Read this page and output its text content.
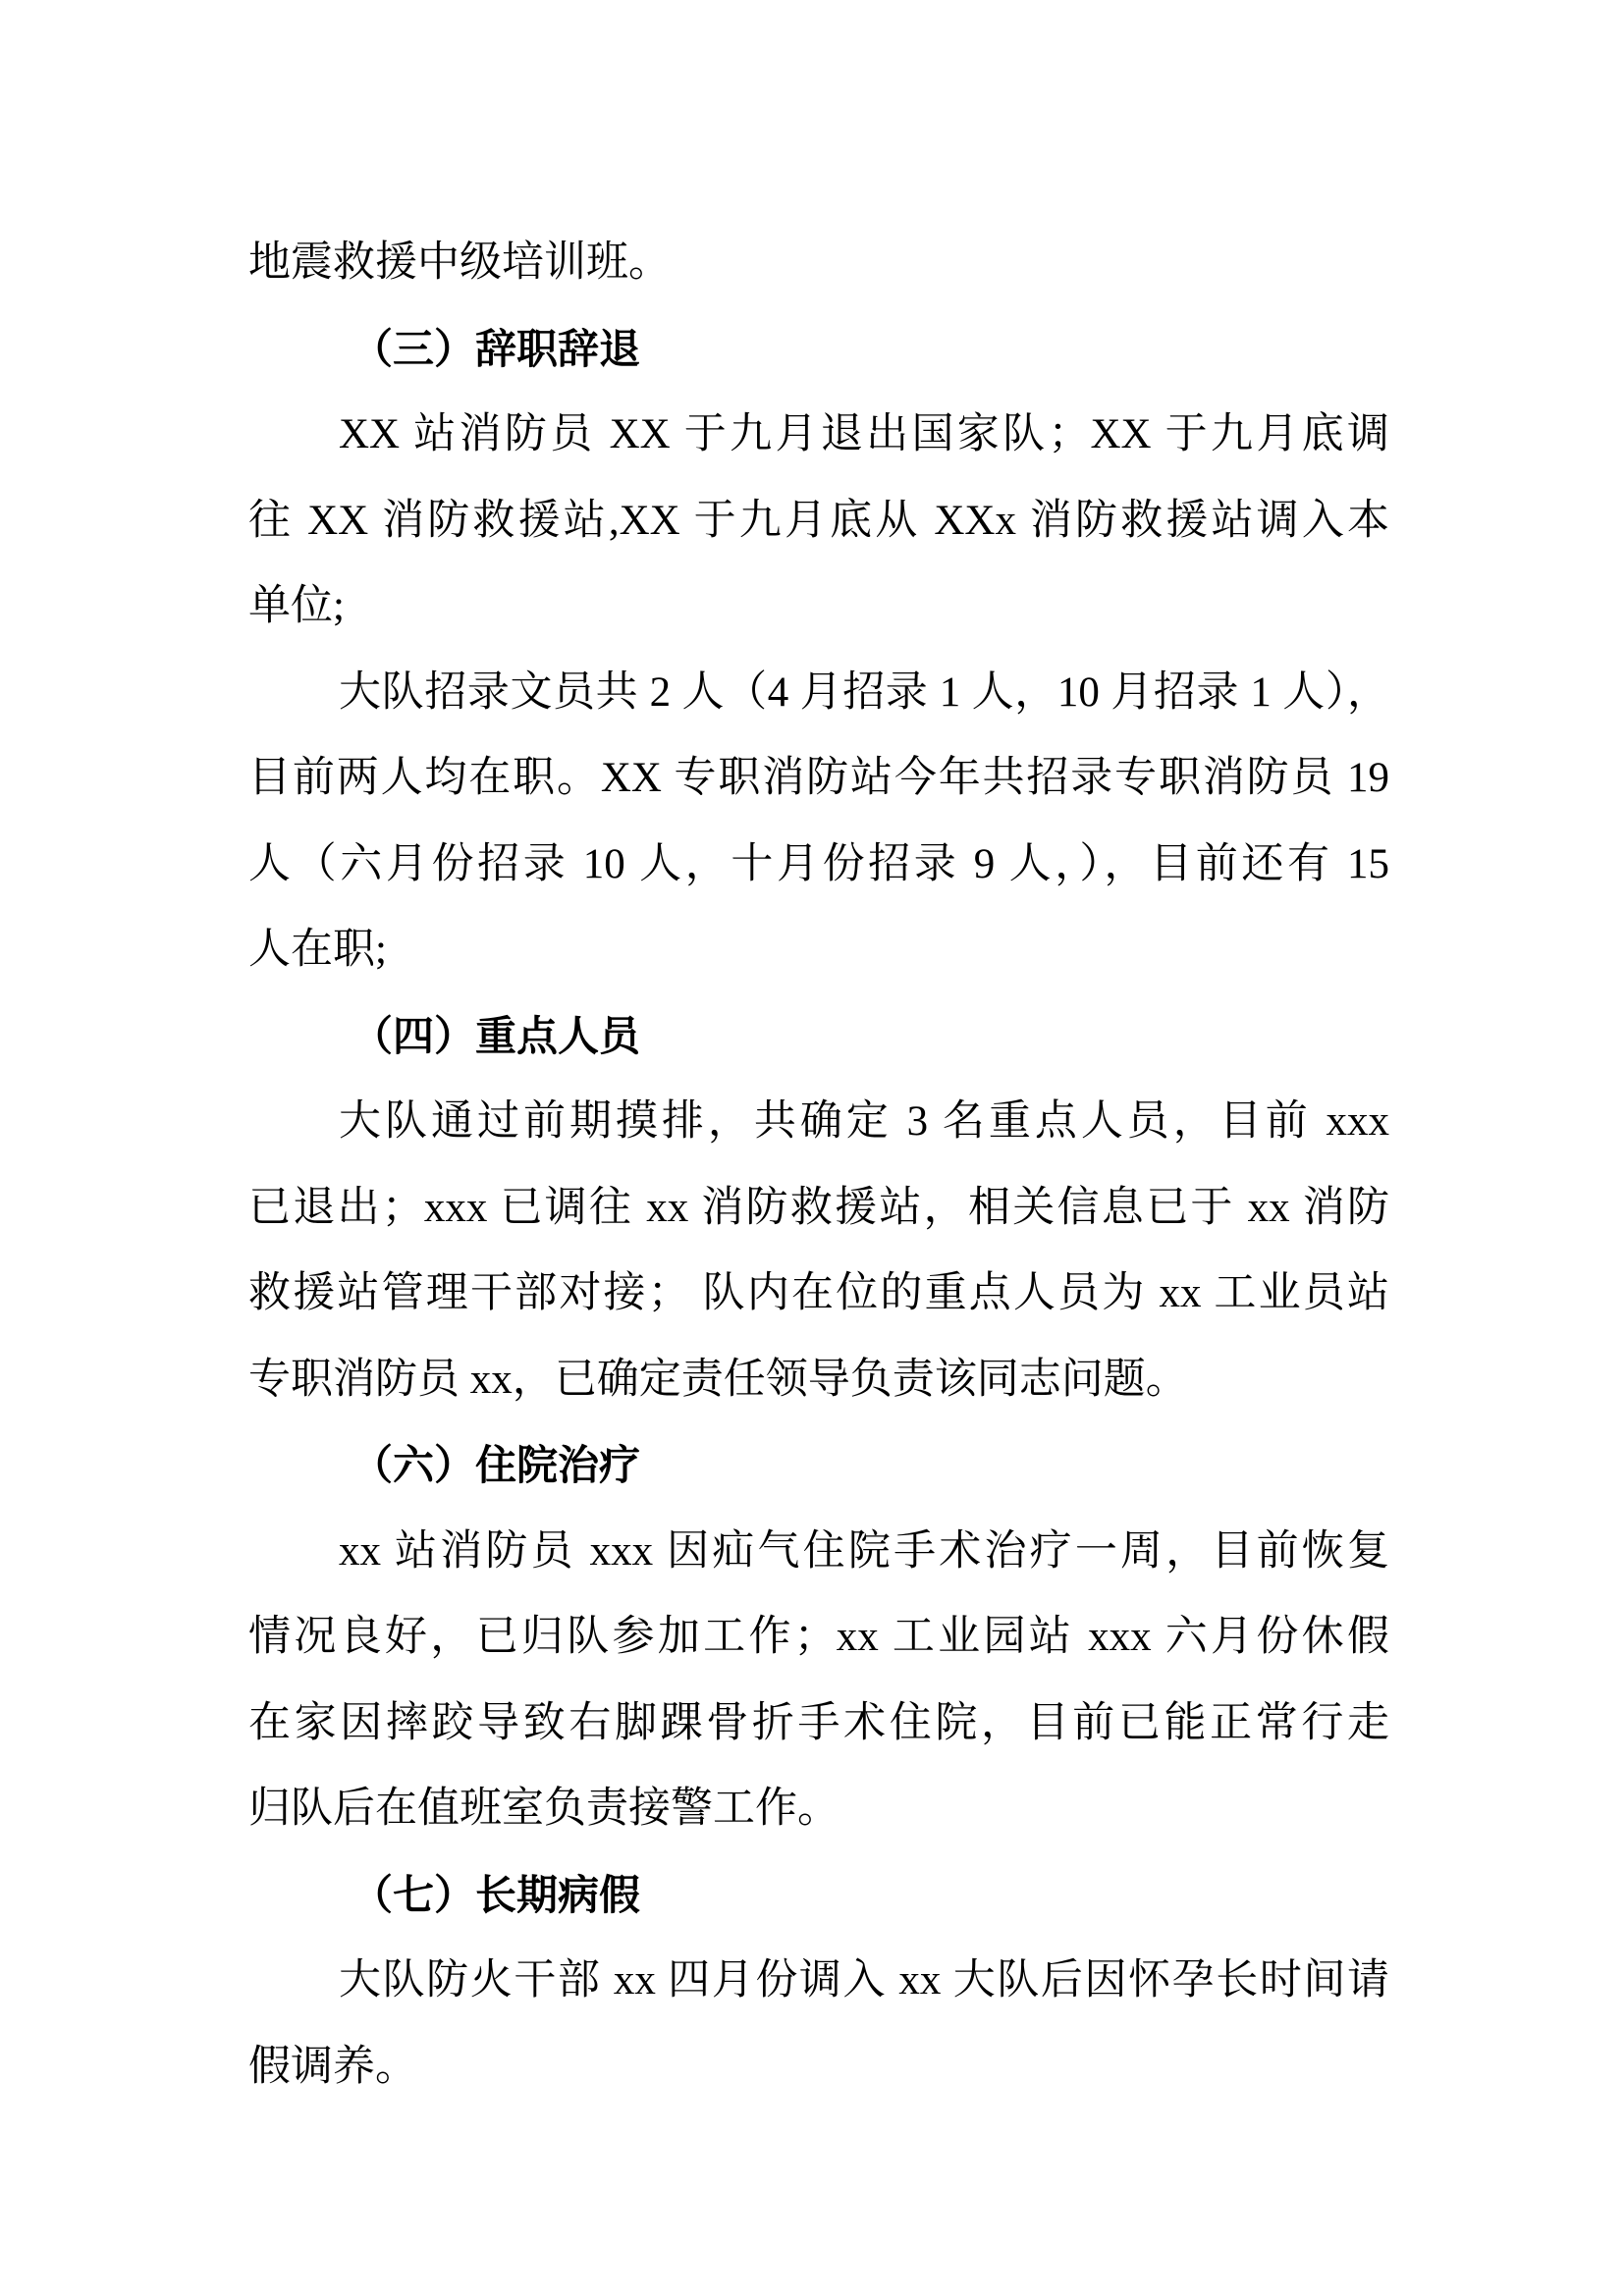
地震救援中级培训班。
（三）辞职辞退
XX 站消防员 XX 于九月退出国家队；XX 于九月底调
往 XX 消防救援站,XX 于九月底从 XXx 消防救援站调入本
单位;
大队招录文员共 2 人（4 月招录 1 人，10 月招录 1 人），
目前两人均在职。XX 专职消防站今年共招录专职消防员 19
人（六月份招录 10 人，十月份招录 9 人，），目前还有 15
人在职;
（四）重点人员
大队通过前期摸排，共确定 3 名重点人员，目前 xxx
已退出；xxx 已调往 xx 消防救援站，相关信息已于 xx 消防
救援站管理干部对接； 队内在位的重点人员为 xx 工业员站
专职消防员 xx，已确定责任领导负责该同志问题。
（六）住院治疗
xx 站消防员 xxx 因疝气住院手术治疗一周，目前恢复
情况良好，已归队参加工作；xx 工业园站 xxx 六月份休假
在家因摔跤导致右脚踝骨折手术住院，目前已能正常行走
归队后在值班室负责接警工作。
（七）长期病假
大队防火干部 xx 四月份调入 xx 大队后因怀孕长时间请
假调养。
